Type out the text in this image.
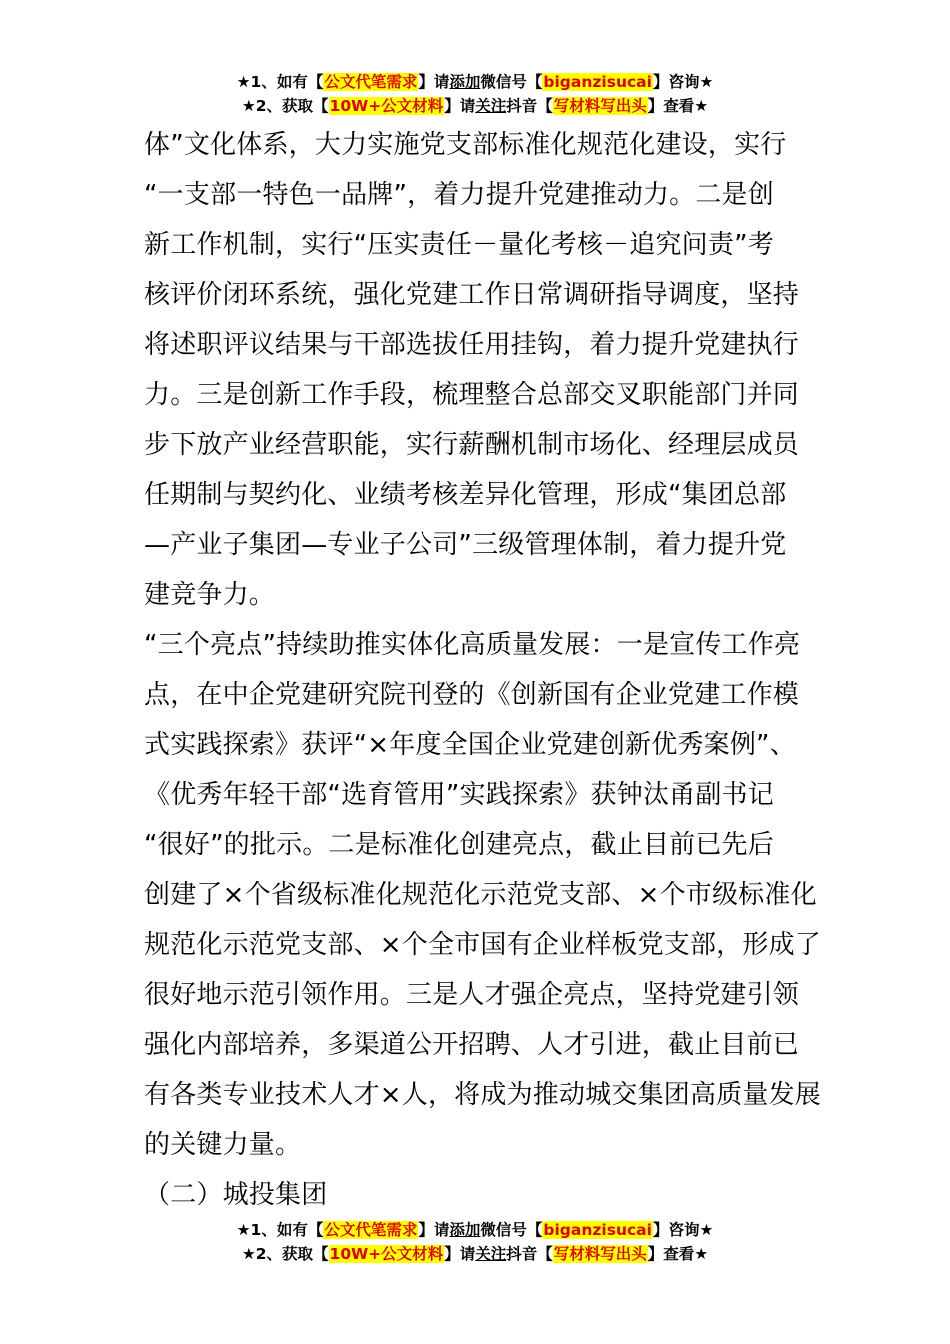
★1、如有【公文代笔需求】请添加微信号【biganzisucai】咨询★
★2、获取【10W+公文材料】请关注抖音【写材料写出头】查看★
体”文化体系，大力实施党支部标准化规范化建设，实行
“一支部一特色一品牌”，着力提升党建推动力。二是创
新工作机制，实行“压实责任－量化考核－追究问责”考
核评价闭环系统，强化党建工作日常调研指导调度，坚持
将述职评议结果与干部选拔任用挂钩，着力提升党建执行
力。三是创新工作手段，梳理整合总部交叉职能部门并同
步下放产业经营职能，实行薪酬机制市场化、经理层成员
任期制与契约化、业绩考核差异化管理，形成“集团总部
—产业子集团—专业子公司”三级管理体制，着力提升党
建竞争力。
“三个亮点”持续助推实体化高质量发展：一是宣传工作亮
点，在中企党建研究院刊登的《创新国有企业党建工作模
式实践探索》获评“×年度全国企业党建创新优秀案例”、
《优秀年轻干部“选育管用”实践探索》获钟汰甬副书记
“很好”的批示。二是标准化创建亮点，截止目前已先后
创建了×个省级标准化规范化示范党支部、×个市级标准化
规范化示范党支部、×个全市国有企业样板党支部，形成了
很好地示范引领作用。三是人才强企亮点，坚持党建引领
强化内部培养，多渠道公开招聘、人才引进，截止目前已
有各类专业技术人才×人，将成为推动城交集团高质量发展
的关键力量。
（二）城投集团
★1、如有【公文代笔需求】请添加微信号【biganzisucai】咨询★
★2、获取【10W+公文材料】请关注抖音【写材料写出头】查看★
